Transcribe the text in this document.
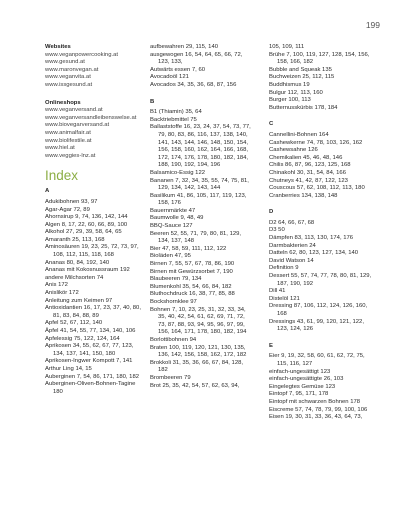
199
Websites
www.veganpowercooking.at
www.gesund.at
www.maronvegan.at
www.veganvita.at
www.issgesund.at
Onlineshops
www.veganversand.at
www.veganversandleibenswelse.at
www.biovegarversand.at
www.animalfair.at
www.biolifestile.at
www.hiel.at
www.veggies-lnz.at
Index
A
Adukibohnen 93, 97
Agar-Agar 72, 89
Ahornsirup 9, 74, 136, 142, 144
Algen 8, 17, 22, 60, 66, 89, 100
Alkohol 27, 29, 39, 58, 64, 65
Amaranth 25, 113, 168
Aminosäuren 19, 23, 25, 72, 73, 97, 108, 112, 115, 118, 168
Ananas 80, 84, 192, 140
Ananas mit Kokosnussraum 192
andere Milchsorten 74
Anis 172
Anislikör 172
Anleitung zum Keimen 97
Antioxidantien 16, 17, 23, 37, 40, 80, 81, 83, 84, 88, 89
Apfel 52, 67, 112, 140
Äpfel 41, 54, 55, 77, 134, 140, 106
Apfelessig 75, 122, 124, 164
Aprikosen 34, 55, 62, 67, 77, 123, 134, 137, 141, 150, 180
Aprikosen-Ingwer Kompott 7, 141
Arthur Ling 14, 15
Auberginen 7, 54, 86, 171, 180, 182
Auberginen-Oliven-Bohnen-Tagine 180
aufbewahren 29, 115, 140
ausgewogen 16, 54, 64, 65, 66, 72, 123, 133,
Autwärts essen 7, 60
Avocadoöl 121
Avocados 34, 35, 36, 68, 87, 156
B
B1 (Thiamin) 35, 64
Backtriebmittel 75
Ballaststoffe 16, 23, 24, 37, 54, 73, 77, 79, 80, 83, 86, 116, 137, 138, 140, 141, 143, 144, 146, 148, 150, 154, 156, 158, 160, 162, 164, 166, 168, 172, 174, 176, 178, 180, 182, 184, 188, 190, 192, 194, 196
Balsamico-Essig 122
Bananen 7, 32, 34, 35, 55, 74, 75, 81, 129, 134, 142, 143, 144
Basilikum 41, 86, 105, 117, 119, 123, 158, 176
Bauernmärkte 47
Baumwolle 9, 48, 49
BBQ-Sauce 127
Beeren 52, 55, 71, 79, 80, 81, 129, 134, 137, 148
Bier 47, 58, 59, 111, 112, 122
Bioläden 47, 95
Birnen 7, 55, 57, 67, 78, 86, 190
Birnen mit Gewürzsorbet 7, 190
Blaubeeren 79, 134
Blumenkohl 35, 54, 66, 84, 182
Bluthochdruck 16, 38, 77, 85, 88
Bockshornklee 97
Bohnen 7, 10, 23, 25, 31, 32, 33, 34, 35, 40, 42, 54, 61, 62, 69, 71, 72, 73, 87, 88, 93, 94, 95, 96, 97, 99, 156, 164, 171, 178, 180, 182, 194
Borlottibohnen 94
Braten 100, 119, 120, 121, 130, 135, 136, 142, 156, 158, 162, 172, 182
Brokkoli 31, 35, 36, 66, 67, 84, 128, 182
Brombeeren 79
Brot 25, 35, 42, 54, 57, 62, 63, 94,
105, 109, 111
Brühe 7, 100, 119, 127, 128, 154, 156, 158, 166, 182
Bubble and Squeak 135
Buchweizen 25, 112, 115
Buddhismus 19
Bulgur 112, 113, 160
Burger 100, 113
Butternusskürbis 178, 184
C
Cannellini-Bohnen 164
Cashewkerne 74, 78, 103, 126, 162
Cashewsahne 126
Chemikalien 45, 46, 48, 146
Chilis 86, 87, 96, 123, 125, 168
Chinakohl 30, 31, 54, 84, 166
Chutneys 41, 42, 87, 122, 123
Couscous 57, 62, 108, 112, 113, 180
Cranberries 134, 138, 148
D
D2 64, 66, 67, 68
D3 50
Dämpfen 83, 113, 130, 174, 176
Darmbakterien 24
Datteln 62, 80, 123, 127, 134, 140
David Watson 14
Definition 9
Dessert 55, 57, 74, 77, 78, 80, 81, 129, 187, 190, 192
Dill 41
Distelöl 121
Dressing 87, 106, 112, 124, 126, 160, 168
Dressings 43, 61, 99, 120, 121, 122, 123, 124, 126
E
Eier 9, 19, 32, 58, 60, 61, 62, 72, 75, 115, 116, 127
einfach-ungesättigt 123
einfach-ungesättigte 26, 103
Eingelegtes Gemüse 123
Eintopf 7, 95, 171, 178
Eintopf mit schwarzen Bohnen 178
Eiscreme 57, 74, 78, 79, 99, 100, 106
Eisen 19, 30, 31, 33, 36, 43, 64, 73,
